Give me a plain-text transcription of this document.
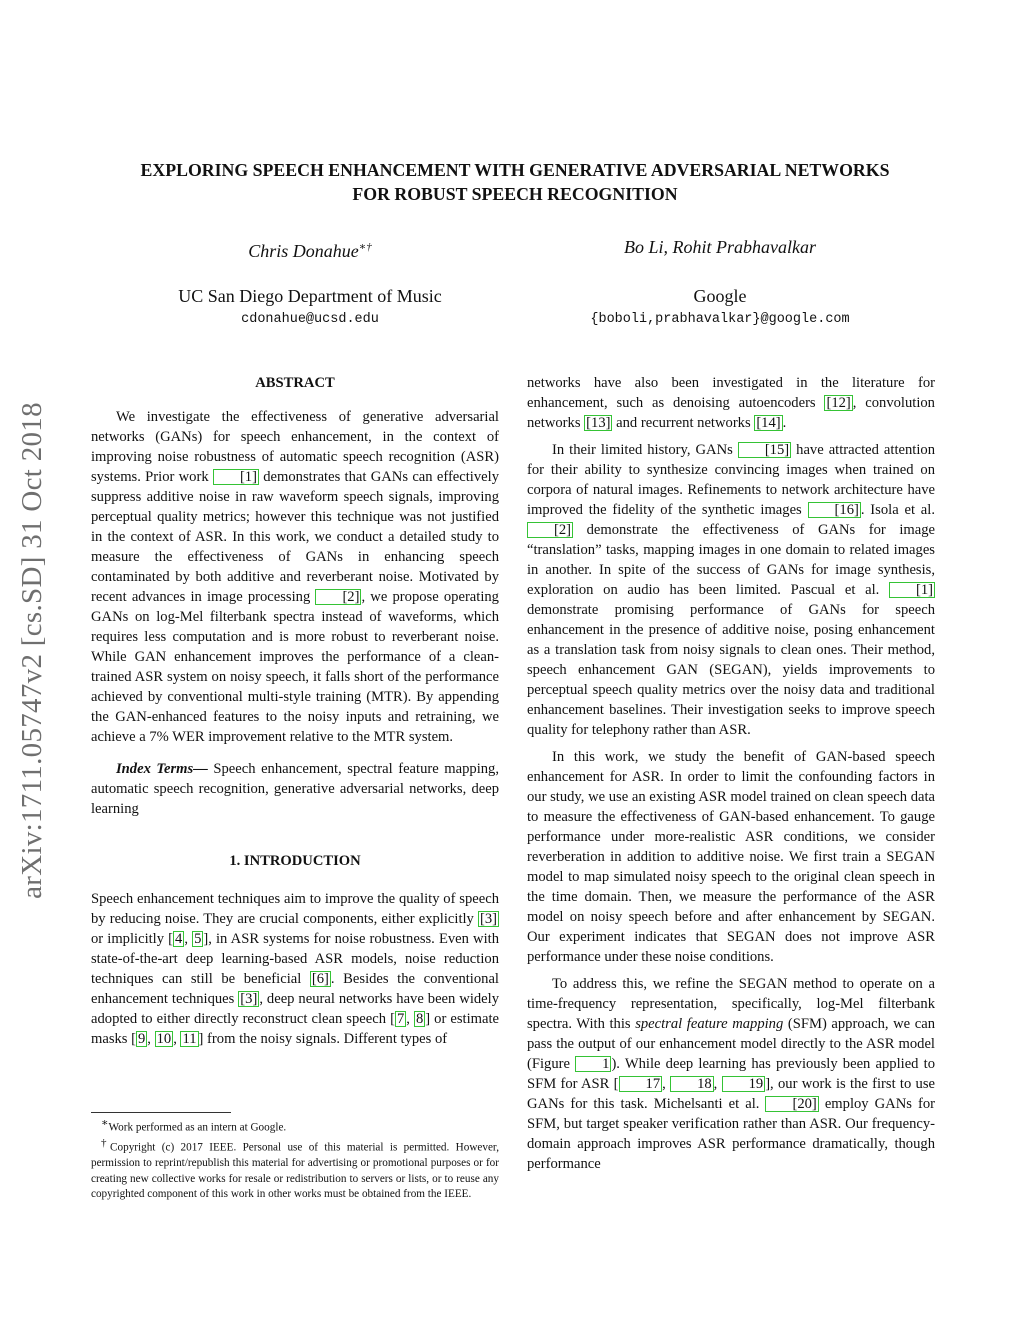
arXiv:1711.05747v2 [cs.SD] 31 Oct 2018
EXPLORING SPEECH ENHANCEMENT WITH GENERATIVE ADVERSARIAL NETWORKS
FOR ROBUST SPEECH RECOGNITION
Chris Donahue∗†
UC San Diego Department of Music
cdonahue@ucsd.edu
Bo Li, Rohit Prabhavalkar
Google
{boboli,prabhavalkar}@google.com
ABSTRACT

We investigate the effectiveness of generative adversarial networks (GANs) for speech enhancement, in the context of improving noise robustness of automatic speech recognition (ASR) systems. Prior work [1] demonstrates that GANs can effectively suppress additive noise in raw waveform speech signals, improving perceptual quality metrics; however this technique was not justified in the context of ASR. In this work, we conduct a detailed study to measure the effectiveness of GANs in enhancing speech contaminated by both additive and reverberant noise. Motivated by recent advances in image processing [2] , we propose operating GANs on log-Mel filterbank spectra instead of waveforms, which requires less computation and is more robust to reverberant noise. While GAN enhancement improves the performance of a clean-trained ASR system on noisy speech, it falls short of the performance achieved by conventional multi-style training (MTR). By appending the GAN-enhanced features to the noisy inputs and retraining, we achieve a 7% WER improvement relative to the MTR system.

Index Terms— Speech enhancement, spectral feature mapping, automatic speech recognition, generative adversarial networks, deep learning

1. INTRODUCTION

Speech enhancement techniques aim to improve the quality of speech by reducing noise. They are crucial components, either explicitly [3] or implicitly [ 4 , 5 ], in ASR systems for noise robustness. Even with state-of-the-art deep learning-based ASR models, noise reduction techniques can still be beneficial [6] . Besides the conventional enhancement techniques [3] , deep neural networks have been widely adopted to either directly reconstruct clean speech [ 7 , 8 ] or estimate masks [ 9 , 10 , 11 ] from the noisy signals. Different types of

∗Work performed as an intern at Google.

†Copyright (c) 2017 IEEE. Personal use of this material is permitted. However, permission to reprint/republish this material for advertising or promotional purposes or for creating new collective works for resale or redistribution to servers or lists, or to reuse any copyrighted component of this work in other works must be obtained from the IEEE.

networks have also been investigated in the literature for enhancement, such as denoising autoencoders [12] , convolution networks [13] and recurrent networks [14] .

In their limited history, GANs [15] have attracted attention for their ability to synthesize convincing images when trained on corpora of natural images. Refinements to network architecture have improved the fidelity of the synthetic images [16] . Isola et al. [2] demonstrate the effectiveness of GANs for image “translation” tasks, mapping images in one domain to related images in another. In spite of the success of GANs for image synthesis, exploration on audio has been limited. Pascual et al. [1] demonstrate promising performance of GANs for speech enhancement in the presence of additive noise, posing enhancement as a translation task from noisy signals to clean ones. Their method, speech enhancement GAN (SEGAN), yields improvements to perceptual speech quality metrics over the noisy data and traditional enhancement baselines. Their investigation seeks to improve speech quality for telephony rather than ASR.

In this work, we study the benefit of GAN-based speech enhancement for ASR. In order to limit the confounding factors in our study, we use an existing ASR model trained on clean speech data to measure the effectiveness of GAN-based enhancement. To gauge performance under more-realistic ASR conditions, we consider reverberation in addition to additive noise. We first train a SEGAN model to map simulated noisy speech to the original clean speech in the time domain. Then, we measure the performance of the ASR model on noisy speech before and after enhancement by SEGAN. Our experiment indicates that SEGAN does not improve ASR performance under these noise conditions.

To address this, we refine the SEGAN method to operate on a time-frequency representation, specifically, log-Mel filterbank spectra. With this spectral feature mapping (SFM) approach, we can pass the output of our enhancement model directly to the ASR model (Figure 1 ). While deep learning has previously been applied to SFM for ASR [ 17 , 18 , 19 ], our work is the first to use GANs for this task. Michelsanti et al. [20] employ GANs for SFM, but target speaker verification rather than ASR. Our frequency-domain approach improves ASR performance dramatically, though performance
